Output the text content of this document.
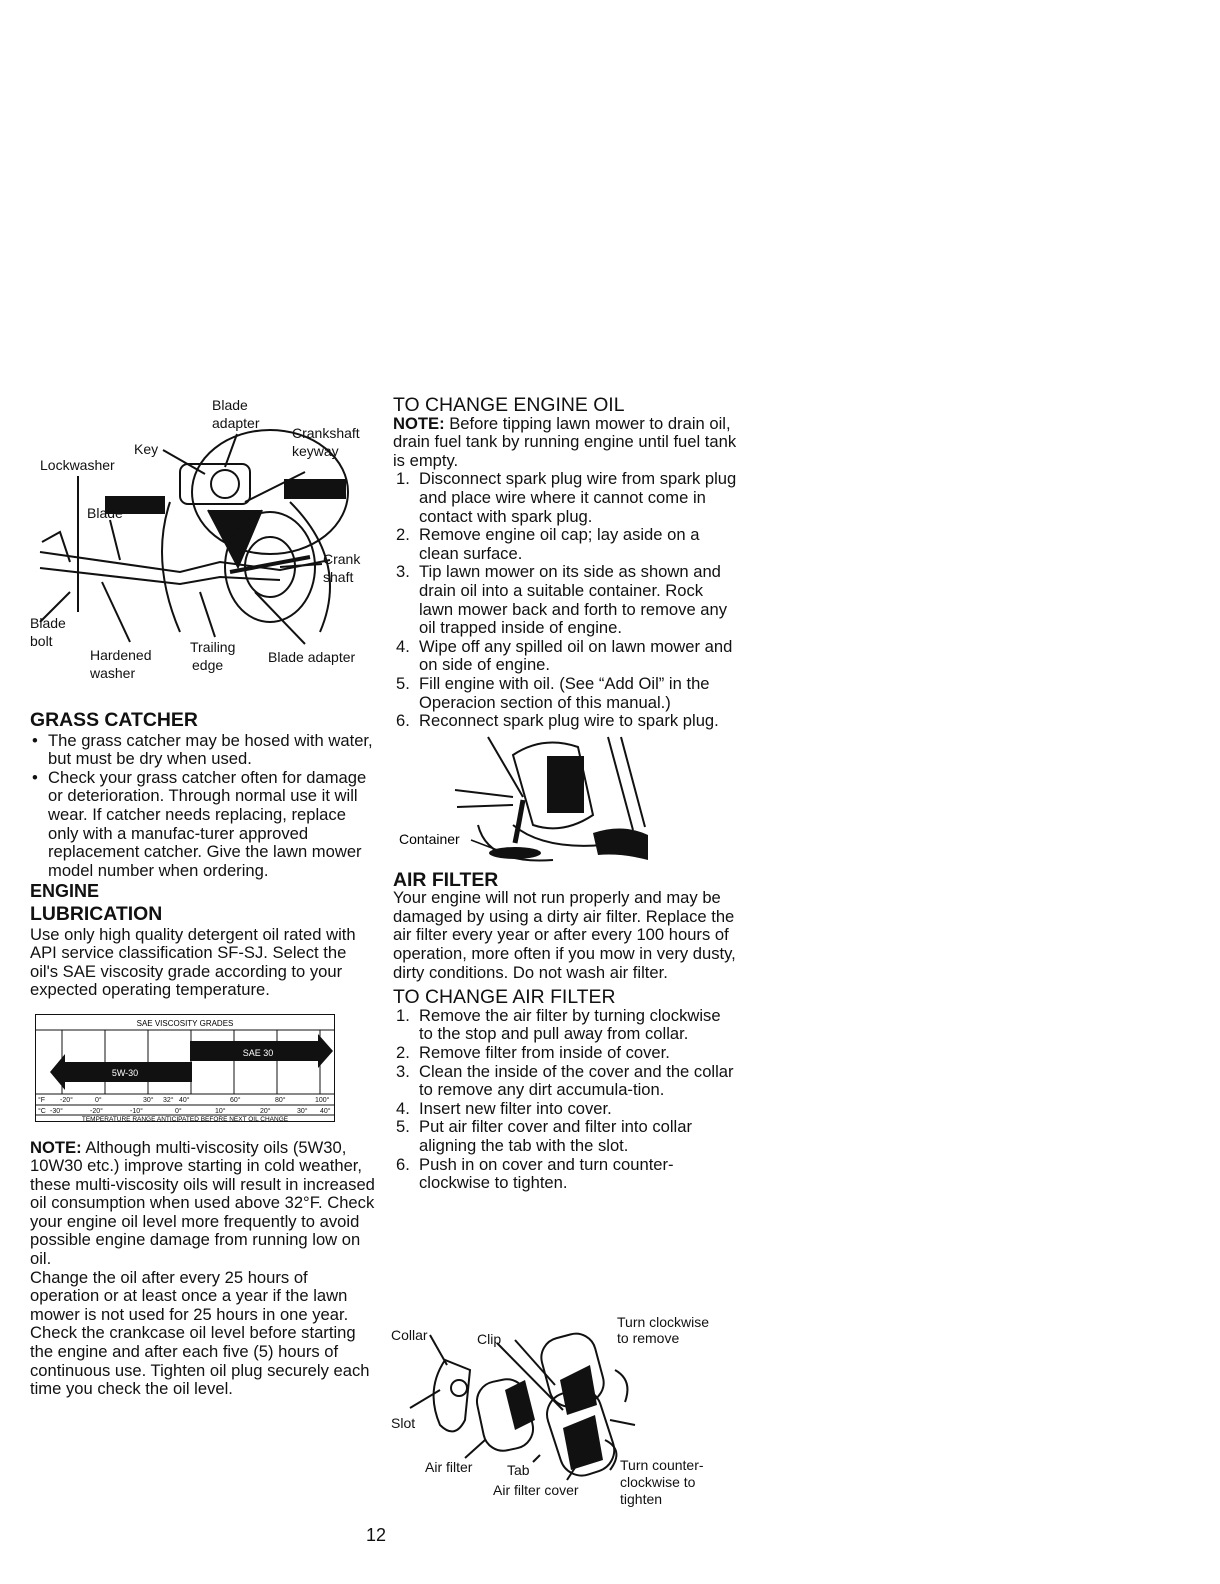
Blade
adapter
Key
Crankshaft
keyway
Lockwasher
Blade
Crank
shaft
Blade
bolt
Hardened
washer
Trailing
edge	Blade adapter
GRASS CATCHER
• The grass catcher may be hosed with water, but must be dry when used.
• Check your grass catcher often for damage or deterioration. Through normal use it will wear. If catcher needs replacing, replace only with a manufac-turer approved replacement catcher. Give the lawn mower model number when ordering.
ENGINE
LUBRICATION

Use only high quality detergent oil rated with API service classification SF-SJ. Select the oil's SAE viscosity grade according to your expected operating temperature.

SAE VISCOSITY GRADES
SAE 30
5W-30
°F -20°	0°	30° 32° 40°	60°	80°	100°
°C -30°	-20°	-10°	0°	10°	20°	30° 40°
TEMPERATURE RANGE ANTICIPATED BEFORE NEXT OIL CHANGE

NOTE: Although multi-viscosity oils (5W30, 10W30 etc.) improve starting in cold weather, these multi-viscosity oils will result in increased oil consumption when used above 32°F. Check your engine oil level more frequently to avoid possible engine damage from running low on oil.

Change the oil after every 25 hours of operation or at least once a year if the lawn mower is not used for 25 hours in one year.

Check the crankcase oil level before starting the engine and after each five (5) hours of continuous use. Tighten oil plug securely each time you check the oil level.

TO CHANGE ENGINE OIL

NOTE: Before tipping lawn mower to drain oil, drain fuel tank by running engine until fuel tank is empty.

1. Disconnect spark plug wire from spark plug and place wire where it cannot come in contact with spark plug.
2. Remove engine oil cap; lay aside on a clean surface.
3. Tip lawn mower on its side as shown and drain oil into a suitable container. Rock lawn mower back and forth to remove any oil trapped inside of engine.
4. Wipe off any spilled oil on lawn mower and on side of engine.
5. Fill engine with oil. (See “Add Oil” in the Operacion section of this manual.)
6. Reconnect spark plug wire to spark plug.
Container
AIR FILTER

Your engine will not run properly and may be damaged by using a dirty air filter. Replace the air filter every year or after every 100 hours of operation, more often if you mow in very dusty, dirty conditions. Do not wash air filter.

TO CHANGE AIR FILTER
1. Remove the air filter by turning clockwise to the stop and pull away from collar.
2. Remove filter from inside of cover.
3. Clean the inside of the cover and the collar to remove any dirt accumula-tion.
4. Insert new filter into cover.
5. Put air filter cover and filter into collar aligning the tab with the slot.
6. Push in on cover and turn counter-clockwise to tighten.
Turn clockwise
to remove
Collar	Clip
Slot
Air filter Tab
Air filter cover
Turn counter-
clockwise to
tighten
12
